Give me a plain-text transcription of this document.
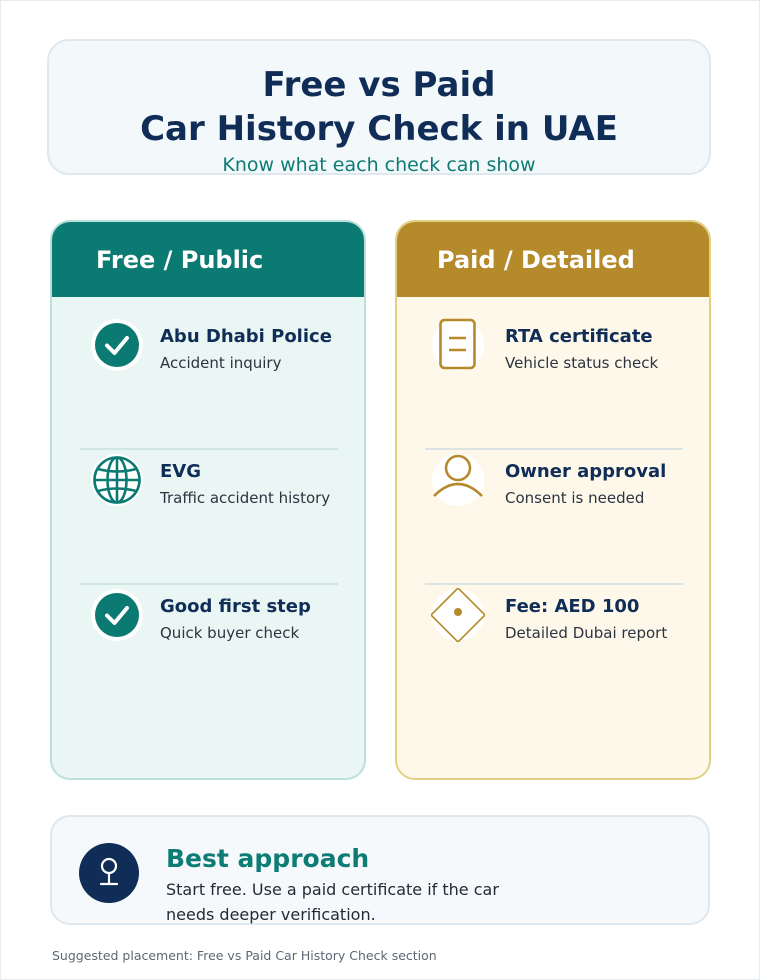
Free vs Paid
Car History Check in UAE
Know what each check can show
Free / Public
Abu Dhabi Police
Accident inquiry
EVG
Traffic accident history
Good first step
Quick buyer check
Paid / Detailed
RTA certificate
Vehicle status check
Owner approval
Consent is needed
Fee: AED 100
Detailed Dubai report
Best approach
Start free. Use a paid certificate if the car needs deeper verification.
Suggested placement: Free vs Paid Car History Check section
